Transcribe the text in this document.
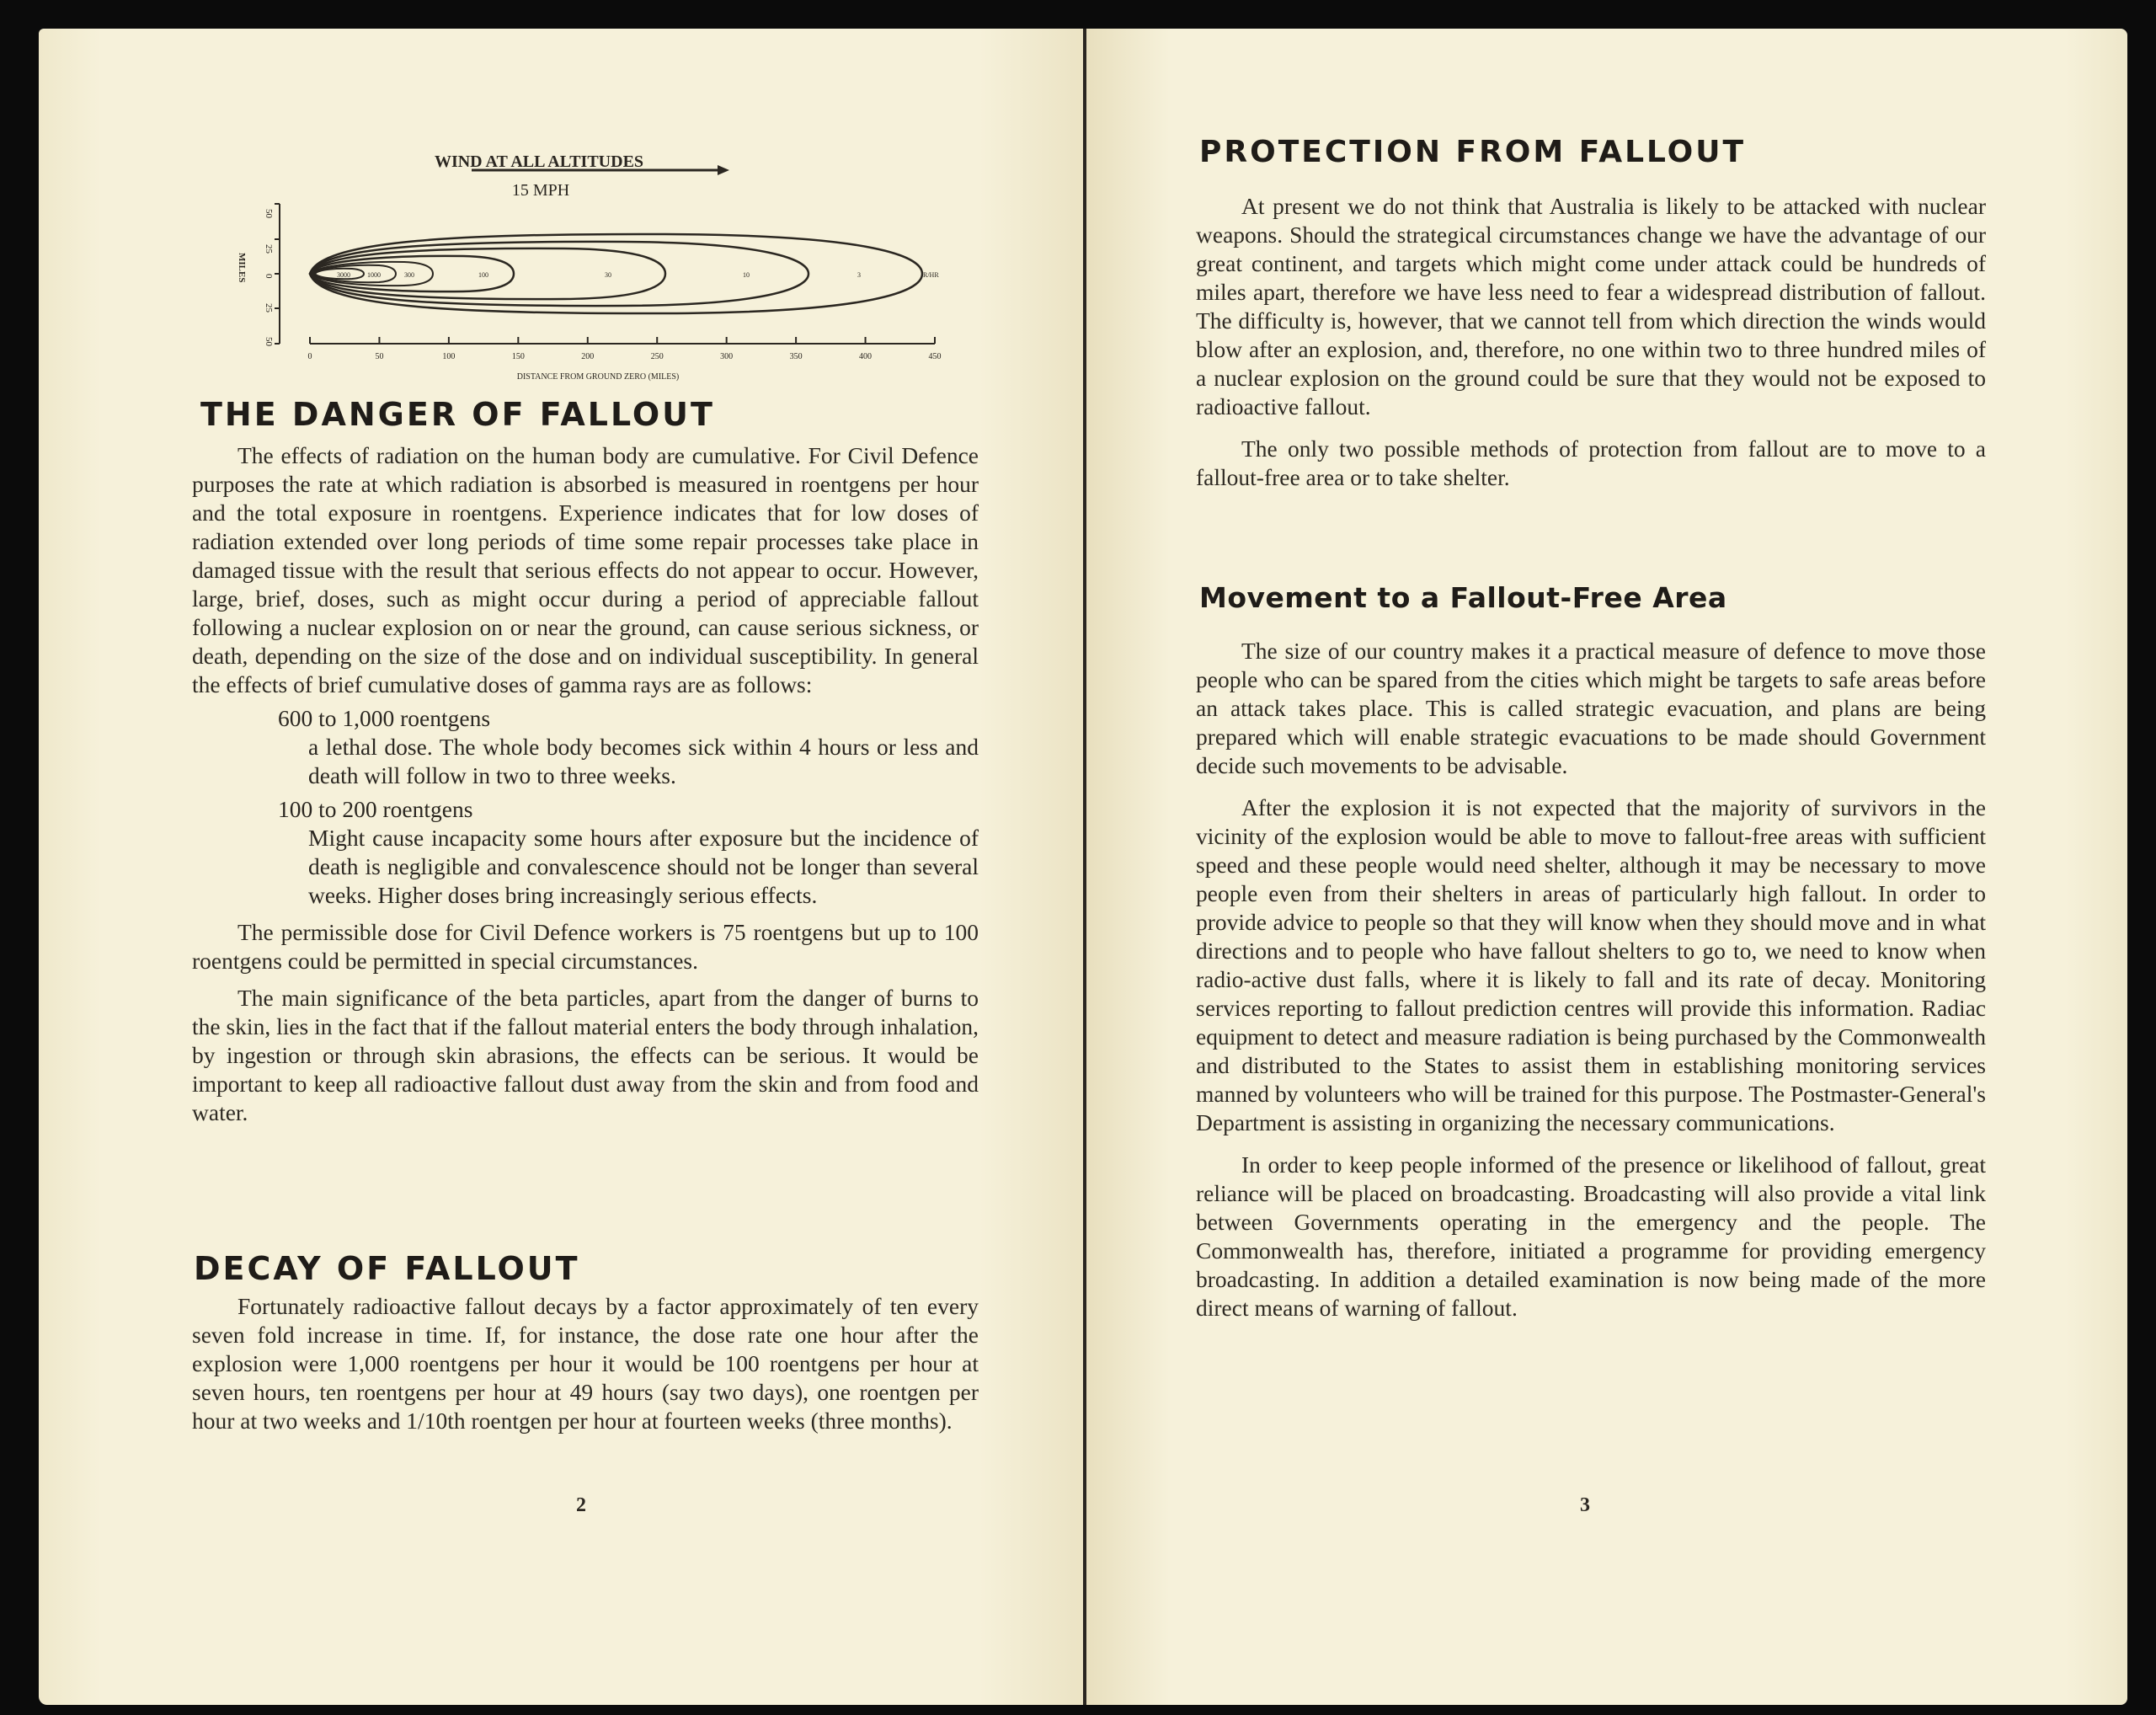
WIND AT ALL ALTITUDES
15 MPH
50
25
0
25
50
MILES	3000	1000	300	100	30	10	3	R/HR
0	50	100	150	200	250	300	350	400	450
DISTANCE FROM GROUND ZERO (MILES)
THE DANGER OF FALLOUT

The effects of radiation on the human body are cumulative. For Civil Defence purposes the rate at which radiation is absorbed is measured in roentgens per hour and the total exposure in roentgens. Experience indicates that for low doses of radiation extended over long periods of time some repair processes take place in damaged tissue with the result that serious effects do not appear to occur. However, large, brief, doses, such as might occur during a period of appreciable fallout following a nuclear explosion on or near the ground, can cause serious sickness, or death, depending on the size of the dose and on individual susceptibility. In general the effects of brief cumulative doses of gamma rays are as follows:

600 to 1,000 roentgens

a lethal dose. The whole body becomes sick within 4 hours or less and death will follow in two to three weeks.

100 to 200 roentgens

Might cause incapacity some hours after exposure but the incidence of death is negligible and convalescence should not be longer than several weeks. Higher doses bring increasingly serious effects.

The permissible dose for Civil Defence workers is 75 roentgens but up to 100 roentgens could be permitted in special circumstances.

The main significance of the beta particles, apart from the danger of burns to the skin, lies in the fact that if the fallout material enters the body through inhalation, by ingestion or through skin abrasions, the effects can be serious. It would be important to keep all radioactive fallout dust away from the skin and from food and water.

DECAY OF FALLOUT

Fortunately radioactive fallout decays by a factor approximately of ten every seven fold increase in time. If, for instance, the dose rate one hour after the explosion were 1,000 roentgens per hour it would be 100 roentgens per hour at seven hours, ten roentgens per hour at 49 hours (say two days), one roentgen per hour at two weeks and 1/10th roentgen per hour at fourteen weeks (three months).

2
PROTECTION FROM FALLOUT

At present we do not think that Australia is likely to be attacked with nuclear weapons. Should the strategical circumstances change we have the advantage of our great continent, and targets which might come under attack could be hundreds of miles apart, therefore we have less need to fear a widespread distribution of fallout. The difficulty is, however, that we cannot tell from which direction the winds would blow after an explosion, and, therefore, no one within two to three hundred miles of a nuclear explosion on the ground could be sure that they would not be exposed to radioactive fallout.

The only two possible methods of protection from fallout are to move to a fallout-free area or to take shelter.

Movement to a Fallout-Free Area

The size of our country makes it a practical measure of defence to move those people who can be spared from the cities which might be targets to safe areas before an attack takes place. This is called strategic evacuation, and plans are being prepared which will enable strategic evacuations to be made should Government decide such movements to be advisable.

After the explosion it is not expected that the majority of survivors in the vicinity of the explosion would be able to move to fallout-free areas with sufficient speed and these people would need shelter, although it may be necessary to move people even from their shelters in areas of particularly high fallout. In order to provide advice to people so that they will know when they should move and in what directions and to people who have fallout shelters to go to, we need to know when radio-active dust falls, where it is likely to fall and its rate of decay. Monitoring services reporting to fallout prediction centres will provide this information. Radiac equipment to detect and measure radiation is being purchased by the Commonwealth and distributed to the States to assist them in establishing monitoring services manned by volunteers who will be trained for this purpose. The Postmaster-General's Department is assisting in organizing the necessary communications.

In order to keep people informed of the presence or likelihood of fallout, great reliance will be placed on broadcasting. Broadcasting will also provide a vital link between Governments operating in the emergency and the people. The Commonwealth has, therefore, initiated a programme for providing emergency broadcasting. In addition a detailed examination is now being made of the more direct means of warning of fallout.

3
